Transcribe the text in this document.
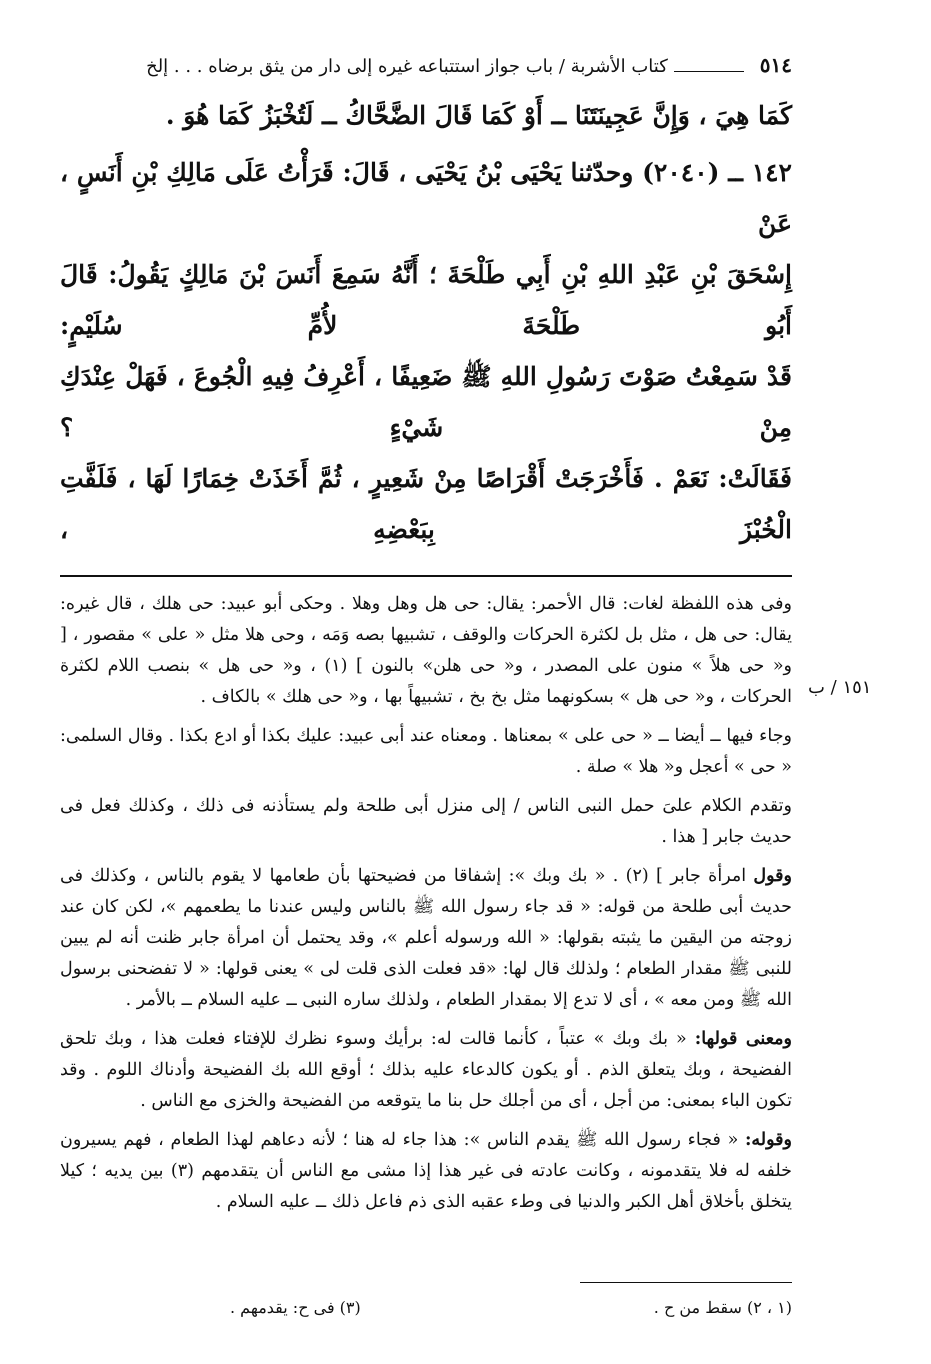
٥١٤
كتاب الأشربة / باب جواز استتباعه غيره إلى دار من يثق برضاه . . . إلخ

كَمَا هِيَ ، وَإِنَّ عَجِينَتَنَا ــ أَوْ كَمَا قَالَ الضَّحَّاكُ ــ لَتُخْبَزُ كَمَا هُوَ .

١٤٢ ــ (٢٠٤٠) وحدّثنا يَحْيَى بْنُ يَحْيَى ، قَالَ: قَرَأْتُ عَلَى مَالِكِ بْنِ أَنَسٍ ، عَنْ

إِسْحَقَ بْنِ عَبْدِ اللهِ بْنِ أَبِي طَلْحَةَ ؛ أَنَّهُ سَمِعَ أَنَسَ بْنَ مَالِكٍ يَقُولُ: قَالَ أَبُو طَلْحَةَ لأُمِّ سُلَيْمٍ:

قَدْ سَمِعْتُ صَوْتَ رَسُولِ اللهِ ﷺ ضَعِيفًا ، أَعْرِفُ فِيهِ الْجُوعَ ، فَهَلْ عِنْدَكِ مِنْ شَيْءٍ ؟

فَقَالَتْ: نَعَمْ . فَأَخْرَجَتْ أَقْرَاصًا مِنْ شَعِيرٍ ، ثُمَّ أَخَذَتْ خِمَارًا لَهَا ، فَلَفَّتِ الْخُبْزَ بِبَعْضِهِ ،

وفى هذه اللفظة لغات: قال الأحمر: يقال: حى هل وهل وهلا . وحكى أبو عبيد: حى هلك ، قال غيره: يقال: حى هل ، مثل بل لكثرة الحركات والوقف ، تشبيها بصه وَمَه ، وحى هلا مثل « على » مقصور ، [ و« حى هلاً » منون على المصدر ، و« حى هلن» بالنون ] (١) ، و« حى هل » بنصب اللام لكثرة الحركات ، و« حى هل » بسكونهما مثل بخ بخ ، تشبيهاً بها ، و« حى هلك » بالكاف .

وجاء فيها ــ أيضا ــ « حى على » بمعناها . ومعناه عند أبى عبيد: عليك بكذا أو ادع بكذا . وقال السلمى: « حى » أعجل و« هلا » صلة .

وتقدم الكلام علىَ حمل النبى الناس / إلى منزل أبى طلحة ولم يستأذنه فى ذلك ، وكذلك فعل فى حديث جابر [ هذا .

وقول امرأة جابر ] (٢) . « بك وبك »: إشفاقا من فضيحتها بأن طعامها لا يقوم بالناس ، وكذلك فى حديث أبى طلحة من قوله: « قد جاء رسول الله ﷺ بالناس وليس عندنا ما يطعمهم »، لكن كان عند زوجته من اليقين ما يثبته بقولها: « الله ورسوله أعلم »، وقد يحتمل أن امرأة جابر ظنت أنه لم يبين للنبى ﷺ مقدار الطعام ؛ ولذلك قال لها: «قد فعلت الذى قلت لى » يعنى قولها: « لا تفضحنى برسول الله ﷺ ومن معه » ، أى لا تدع إلا بمقدار الطعام ، ولذلك ساره النبى ــ عليه السلام ــ بالأمر .

ومعنى قولها: « بك وبك » عتباً ، كأنما قالت له: برأيك وسوء نظرك للإفتاء فعلت هذا ، وبك تلحق الفضيحة ، وبك يتعلق الذم . أو يكون كالدعاء عليه بذلك ؛ أوقع الله بك الفضيحة وأدناك اللوم . وقد تكون الباء بمعنى: من أجل ، أى من أجلك حل بنا ما يتوقعه من الفضيحة والخزى مع الناس .

وقوله: « فجاء رسول الله ﷺ يقدم الناس »: هذا جاء له هنا ؛ لأنه دعاهم لهذا الطعام ، فهم يسيرون خلفه له فلا يتقدمونه ، وكانت عادته فى غير هذا إذا مشى مع الناس أن يتقدمهم (٣) بين يديه ؛ كيلا يتخلق بأخلاق أهل الكبر والدنيا فى وطء عقبه الذى ذم فاعل ذلك ــ عليه السلام .

١٥١ / ب
(١ ، ٢) سقط من ح .
(٣) فى ح: يقدمهم .
